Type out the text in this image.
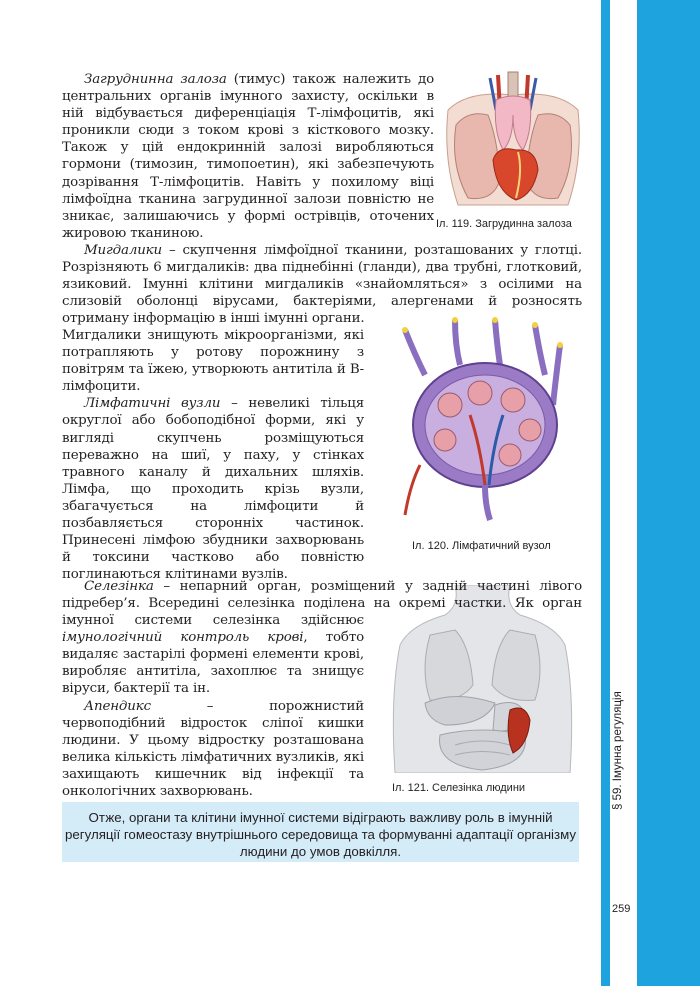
§ 59. Імунна регуляція
259
Іл. 119. Загрудинна залоза
Іл. 120. Лімфатичний вузол
Іл. 121. Селезінка людини

Загруднинна залоза (тимус) також належить до центральних органів імунного захисту, оскільки в ній відбувається диференціація Т-лімфоцитів, які проникли сюди з током крові з кісткового мозку. Також у цій ендокринній залозі виробляються гормони (тимозин, тимопоетин), які забезпечують дозрівання Т-лімфоцитів. Навіть у похилому віці лімфоїдна тканина загрудинної залози повністю не зникає, залишаючись у формі острівців, оточених жировою тканиною.

Мигдалики – скупчення лімфоїдної тканини, розташованих у глотці. Розрізняють 6 мигдаликів: два піднебінні (гланди), два трубні, глотковий, язиковий. Імунні клітини мигдаликів «знайомляться» з осілими на слизовій оболонці вірусами, бактеріями, алергенами й розносять отриману інформацію в інші імунні органи.

Мигдалики знищують мікроорганізми, які потрапляють у ротову порожнину з повітрям та їжею, утворюють антитіла й В-лімфоцити.

Лімфатичні вузли – невеликі тільця округлої або бобоподібної форми, які у вигляді скупчень розміщуються переважно на шиї, у паху, у стінках травного каналу й дихальних шляхів. Лімфа, що проходить крізь вузли, збагачується на лімфоцити й позбавляється сторонніх частинок. Принесені лімфою збудники захворювань й токсини частково або повністю поглинаються клітинами вузлів.

Селезінка – непарний орган, розміщений у задній частині лівого підребер’я. Всередині селезінка поділена на окремі частки. Як орган

Апендикс – порожнистий червоподібний відросток сліпої кишки людини. У цьому відростку розташована велика кількість лімфатичних вузликів, які захищають кишечник від інфекції та онкологічних захворювань.

імунної системи селезінка здійснює імунологічний контроль крові, тобто видаляє застарілі формені елементи крові, виробляє антитіла, захоплює та знищує віруси, бактерії та ін.

Отже, органи та клітини імунної системи відіграють важливу роль в імунній регуляції гомеостазу внутрішнього середовища та формуванні адаптації організму людини до умов довкілля.
